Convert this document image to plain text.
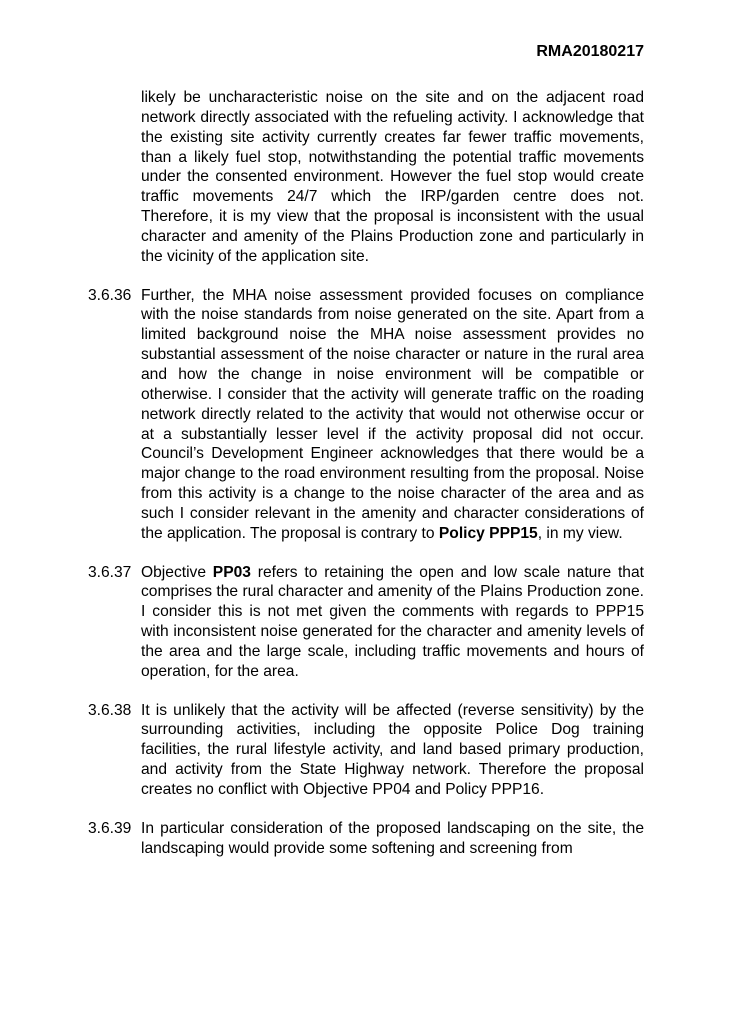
RMA20180217

likely be uncharacteristic noise on the site and on the adjacent road network directly associated with the refueling activity. I acknowledge that the existing site activity currently creates far fewer traffic movements, than a likely fuel stop, notwithstanding the potential traffic movements under the consented environment. However the fuel stop would create traffic movements 24/7 which the IRP/garden centre does not. Therefore, it is my view that the proposal is inconsistent with the usual character and amenity of the Plains Production zone and particularly in the vicinity of the application site.

3.6.36 Further, the MHA noise assessment provided focuses on compliance with the noise standards from noise generated on the site. Apart from a limited background noise the MHA noise assessment provides no substantial assessment of the noise character or nature in the rural area and how the change in noise environment will be compatible or otherwise. I consider that the activity will generate traffic on the roading network directly related to the activity that would not otherwise occur or at a substantially lesser level if the activity proposal did not occur. Council’s Development Engineer acknowledges that there would be a major change to the road environment resulting from the proposal. Noise from this activity is a change to the noise character of the area and as such I consider relevant in the amenity and character considerations of the application. The proposal is contrary to Policy PPP15, in my view.

3.6.37 Objective PP03 refers to retaining the open and low scale nature that comprises the rural character and amenity of the Plains Production zone. I consider this is not met given the comments with regards to PPP15 with inconsistent noise generated for the character and amenity levels of the area and the large scale, including traffic movements and hours of operation, for the area.

3.6.38 It is unlikely that the activity will be affected (reverse sensitivity) by the surrounding activities, including the opposite Police Dog training facilities, the rural lifestyle activity, and land based primary production, and activity from the State Highway network. Therefore the proposal creates no conflict with Objective PP04 and Policy PPP16.

3.6.39 In particular consideration of the proposed landscaping on the site, the landscaping would provide some softening and screening from
